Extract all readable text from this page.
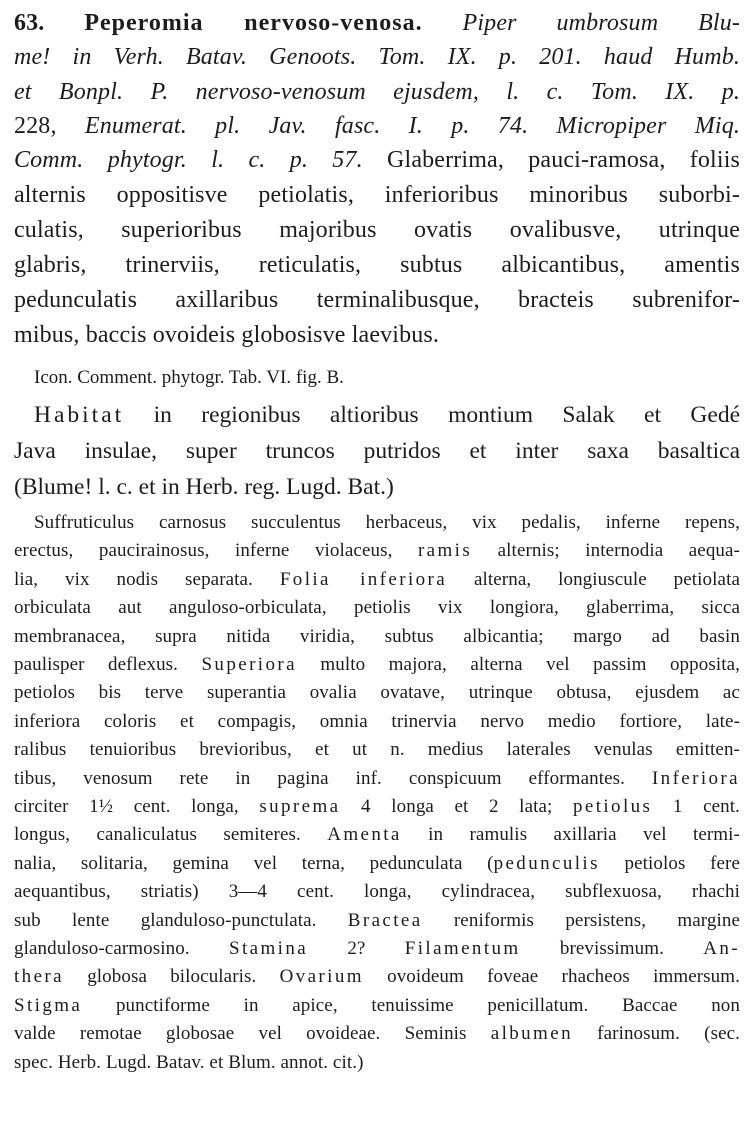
63. Peperomia nervoso-venosa. Piper umbrosum Blu-
me! in Verh. Batav. Genoots. Tom. IX. p. 201. haud Humb.
et Bonpl. P. nervoso-venosum ejusdem, l. c. Tom. IX. p.
228, Enumerat. pl. Jav. fasc. I. p. 74. Micropiper Miq.
Comm. phytogr. l. c. p. 57. Glaberrima, pauci-ramosa, foliis
alternis oppositisve petiolatis, inferioribus minoribus suborbi-
culatis, superioribus majoribus ovatis ovalibusve, utrinque
glabris, trinerviis, reticulatis, subtus albicantibus, amentis
pedunculatis axillaribus terminalibusque, bracteis subrenifor-
mibus, baccis ovoideis globosisve laevibus.
Icon. Comment. phytogr. Tab. VI. fig. B.
Habitat in regionibus altioribus montium Salak et Gedé
Java insulae, super truncos putridos et inter saxa basaltica
(Blume! l. c. et in Herb. reg. Lugd. Bat.)
Suffruticulus carnosus succulentus herbaceus, vix pedalis, inferne repens,
erectus, paucirainosus, inferne violaceus, ramis alternis; internodia aequa-
lia, vix nodis separata. Folia inferiora alterna, longiuscule petiolata
orbiculata aut anguloso-orbiculata, petiolis vix longiora, glaberrima, sicca
membranacea, supra nitida viridia, subtus albicantia; margo ad basin
paulisper deflexus. Superiora multo majora, alterna vel passim opposita,
petiolos bis terve superantia ovalia ovatave, utrinque obtusa, ejusdem ac
inferiora coloris et compagis, omnia trinervia nervo medio fortiore, late-
ralibus tenuioribus brevioribus, et ut n. medius laterales venulas emitten-
tibus, venosum rete in pagina inf. conspicuum efformantes. Inferiora
circiter 1½ cent. longa, suprema 4 longa et 2 lata; petiolus 1 cent.
longus, canaliculatus semiteres. Amenta in ramulis axillaria vel termi-
nalia, solitaria, gemina vel terna, pedunculata (pedunculis petiolos fere
aequantibus, striatis) 3—4 cent. longa, cylindracea, subflexuosa, rhachi
sub lente glanduloso-punctulata. Bractea reniformis persistens, margine
glanduloso-carmosino. Stamina 2? Filamentum brevissimum. An-
thera globosa bilocularis. Ovarium ovoideum foveae rhacheos immersum.
Stigma punctiforme in apice, tenuissime penicillatum. Baccae non
valde remotae globosae vel ovoideae. Seminis albumen farinosum. (sec.
spec. Herb. Lugd. Batav. et Blum. annot. cit.)
